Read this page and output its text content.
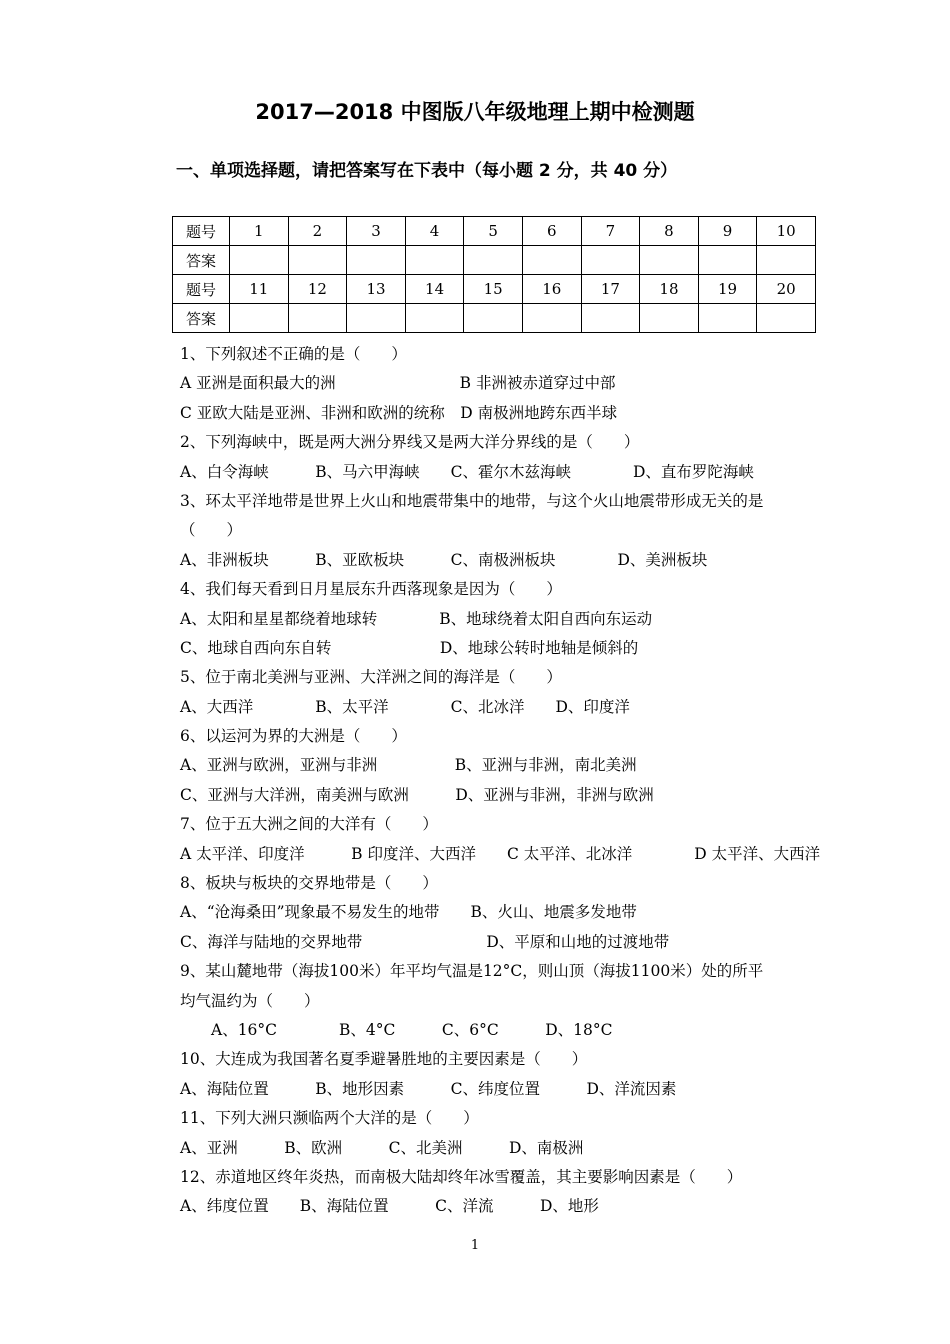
2017—2018 中图版八年级地理上期中检测题
一、单项选择题，请把答案写在下表中（每小题 2 分，共 40 分）
题号	1	2	3	4	5	6	7	8	9	10
答案										
题号	11	12	13	14	15	16	17	18	19	20
答案										
1、下列叙述不正确的是（　　）
A 亚洲是面积最大的洲　　　　　　　　B 非洲被赤道穿过中部
C 亚欧大陆是亚洲、非洲和欧洲的统称　D 南极洲地跨东西半球
2、下列海峡中，既是两大洲分界线又是两大洋分界线的是（　　）
A、白令海峡　　　B、马六甲海峡　　C、霍尔木兹海峡　　　　D、直布罗陀海峡
3、环太平洋地带是世界上火山和地震带集中的地带，与这个火山地震带形成无关的是
（　　）
A、非洲板块　　　B、亚欧板块　　　C、南极洲板块　　　　D、美洲板块
4、我们每天看到日月星辰东升西落现象是因为（　　）
A、太阳和星星都绕着地球转　　　　B、地球绕着太阳自西向东运动
C、地球自西向东自转　　　　　　　D、地球公转时地轴是倾斜的
5、位于南北美洲与亚洲、大洋洲之间的海洋是（　　）
A、大西洋　　　　B、太平洋　　　　C、北冰洋　　D、印度洋
6、以运河为界的大洲是（　　）
A、亚洲与欧洲，亚洲与非洲　　　　　B、亚洲与非洲，南北美洲
C、亚洲与大洋洲，南美洲与欧洲　　　D、亚洲与非洲，非洲与欧洲
7、位于五大洲之间的大洋有（　　）
A 太平洋、印度洋　　　B 印度洋、大西洋　　C 太平洋、北冰洋　　　　D 太平洋、大西洋
8、板块与板块的交界地带是（　　）
A、“沧海桑田”现象最不易发生的地带　　B、火山、地震多发地带
C、海洋与陆地的交界地带　　　　　　　　D、平原和山地的过渡地带
9、某山麓地带（海拔100米）年平均气温是12°C，则山顶（海拔1100米）处的所平
均气温约为（　　）
　　A、16°C　　　　B、4°C　　　C、6°C　　　D、18°C
10、大连成为我国著名夏季避暑胜地的主要因素是（　　）
A、海陆位置　　　B、地形因素　　　C、纬度位置　　　D、洋流因素
11、下列大洲只濒临两个大洋的是（　　）
A、亚洲　　　B、欧洲　　　C、北美洲　　　D、南极洲
12、赤道地区终年炎热，而南极大陆却终年冰雪覆盖，其主要影响因素是（　　）
A、纬度位置　　B、海陆位置　　　C、洋流　　　D、地形
1
